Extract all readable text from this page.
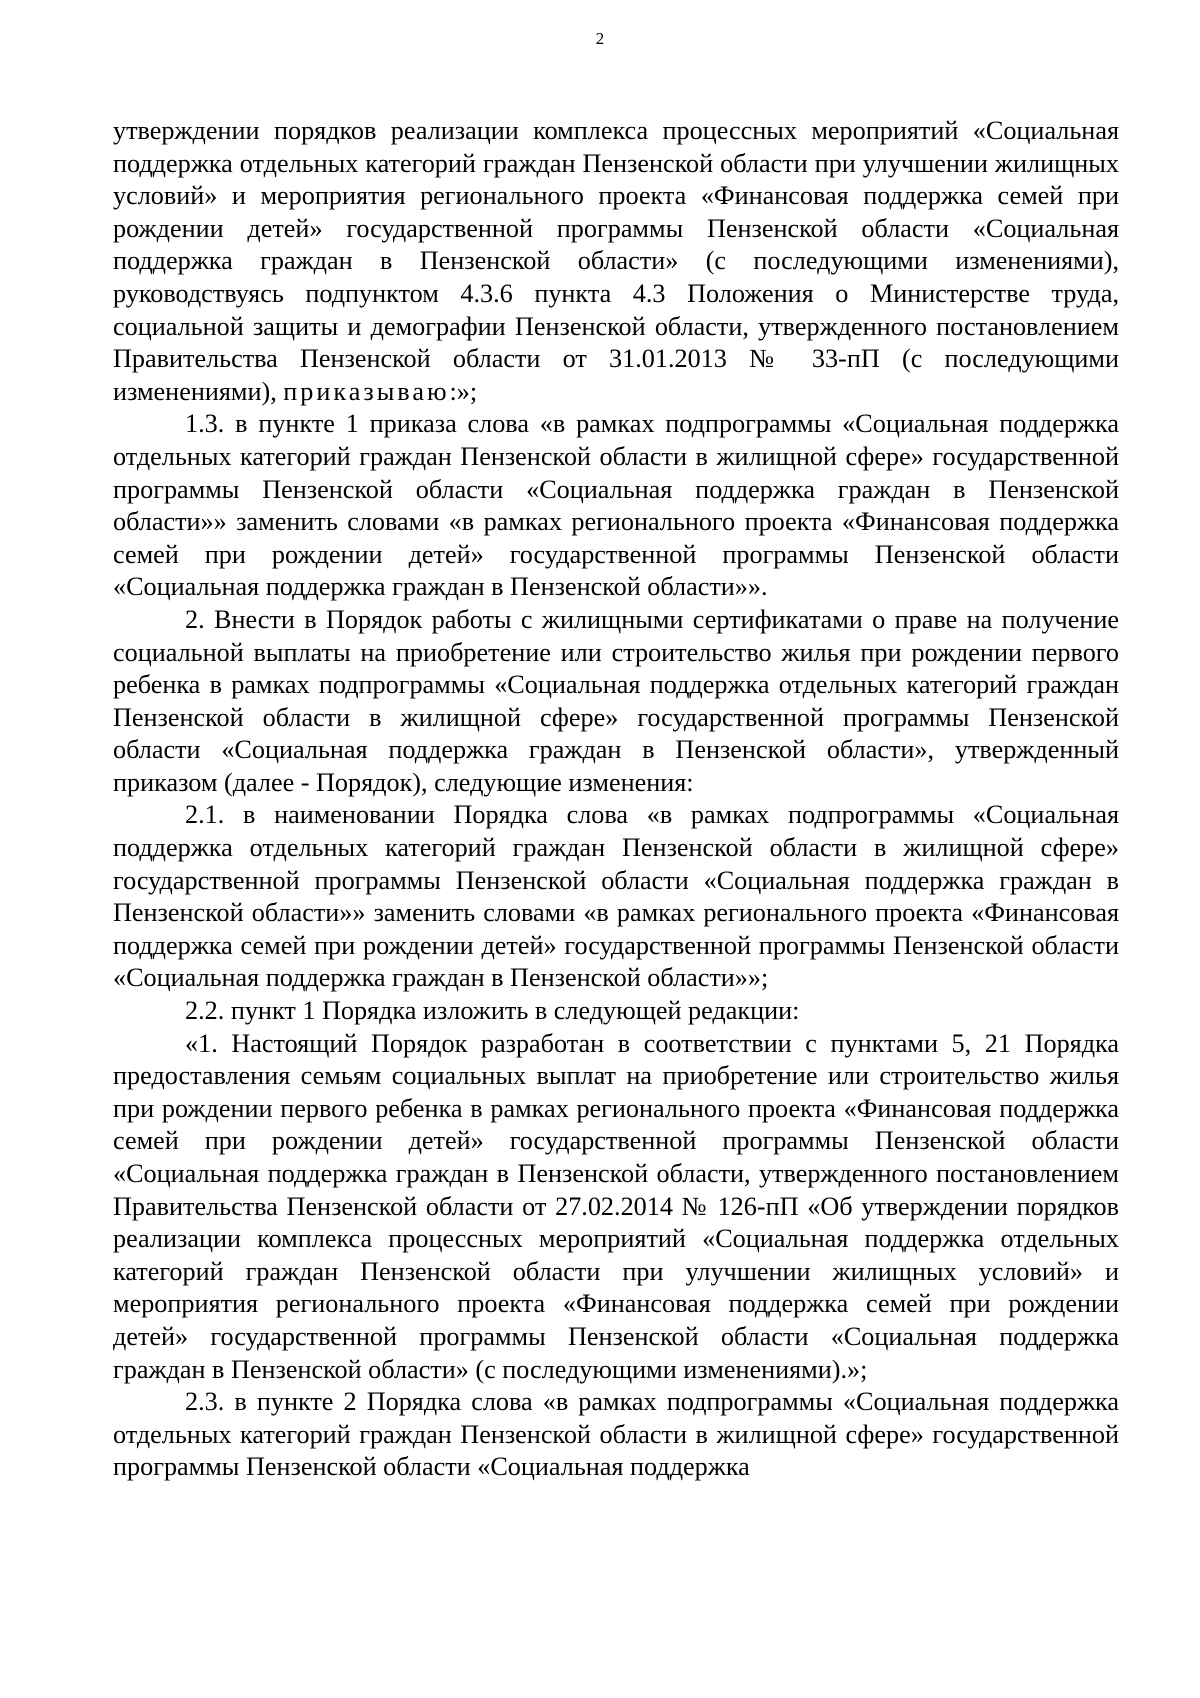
2

утверждении порядков реализации комплекса процессных мероприятий «Социальная поддержка отдельных категорий граждан Пензенской области при улучшении жилищных условий» и мероприятия регионального проекта «Финансовая поддержка семей при рождении детей» государственной программы Пензенской области «Социальная поддержка граждан в Пензенской области» (с последующими изменениями), руководствуясь подпунктом 4.3.6 пункта 4.3 Положения о Министерстве труда, социальной защиты и демографии Пензенской области, утвержденного постановлением Правительства Пензенской области от 31.01.2013 № 33-пП (с последующими изменениями), приказываю:»;

1.3. в пункте 1 приказа слова «в рамках подпрограммы «Социальная поддержка отдельных категорий граждан Пензенской области в жилищной сфере» государственной программы Пензенской области «Социальная поддержка граждан в Пензенской области»» заменить словами «в рамках регионального проекта «Финансовая поддержка семей при рождении детей» государственной программы Пензенской области «Социальная поддержка граждан в Пензенской области»».

2. Внести в Порядок работы с жилищными сертификатами о праве на получение социальной выплаты на приобретение или строительство жилья при рождении первого ребенка в рамках подпрограммы «Социальная поддержка отдельных категорий граждан Пензенской области в жилищной сфере» государственной программы Пензенской области «Социальная поддержка граждан в Пензенской области», утвержденный приказом (далее - Порядок), следующие изменения:

2.1. в наименовании Порядка слова «в рамках подпрограммы «Социальная поддержка отдельных категорий граждан Пензенской области в жилищной сфере» государственной программы Пензенской области «Социальная поддержка граждан в Пензенской области»» заменить словами «в рамках регионального проекта «Финансовая поддержка семей при рождении детей» государственной программы Пензенской области «Социальная поддержка граждан в Пензенской области»»;

2.2. пункт 1 Порядка изложить в следующей редакции:

«1. Настоящий Порядок разработан в соответствии с пунктами 5, 21 Порядка предоставления семьям социальных выплат на приобретение или строительство жилья при рождении первого ребенка в рамках регионального проекта «Финансовая поддержка семей при рождении детей» государственной программы Пензенской области «Социальная поддержка граждан в Пензенской области, утвержденного постановлением Правительства Пензенской области от 27.02.2014 № 126-пП «Об утверждении порядков реализации комплекса процессных мероприятий «Социальная поддержка отдельных категорий граждан Пензенской области при улучшении жилищных условий» и мероприятия регионального проекта «Финансовая поддержка семей при рождении детей» государственной программы Пензенской области «Социальная поддержка граждан в Пензенской области» (с последующими изменениями).»;

2.3. в пункте 2 Порядка слова «в рамках подпрограммы «Социальная поддержка отдельных категорий граждан Пензенской области в жилищной сфере» государственной программы Пензенской области «Социальная поддержка
